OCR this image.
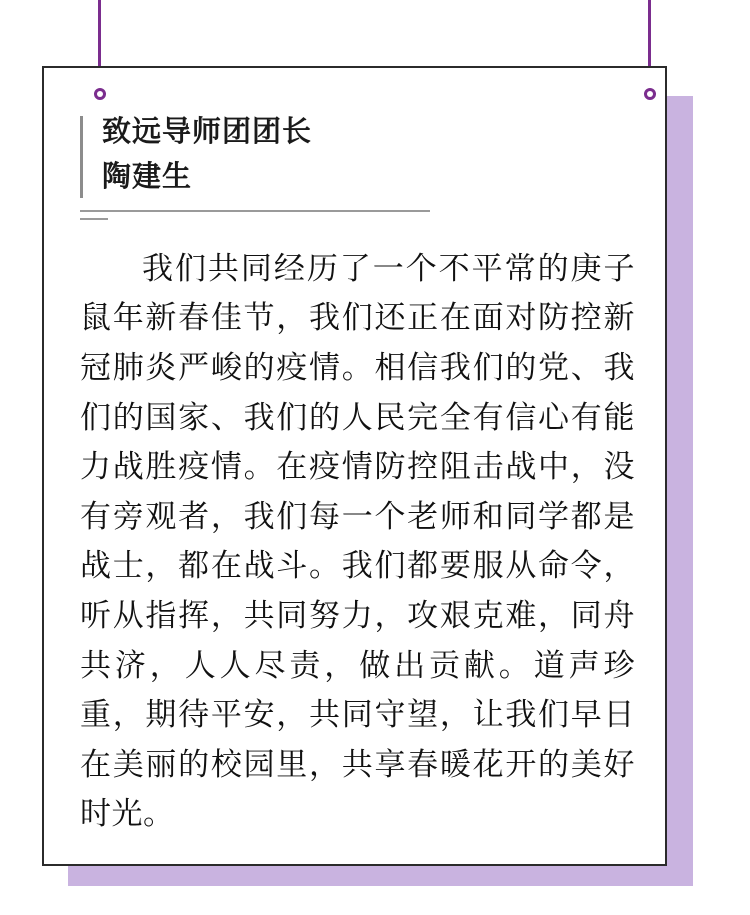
致远导师团团长
陶建生
我们共同经历了一个不平常的庚子鼠年新春佳节，我们还正在面对防控新冠肺炎严峻的疫情。相信我们的党、我们的国家、我们的人民完全有信心有能力战胜疫情。在疫情防控阻击战中，没有旁观者，我们每一个老师和同学都是战士，都在战斗。我们都要服从命令，听从指挥，共同努力，攻艰克难，同舟共济，人人尽责，做出贡献。道声珍重，期待平安，共同守望，让我们早日在美丽的校园里，共享春暖花开的美好时光。
